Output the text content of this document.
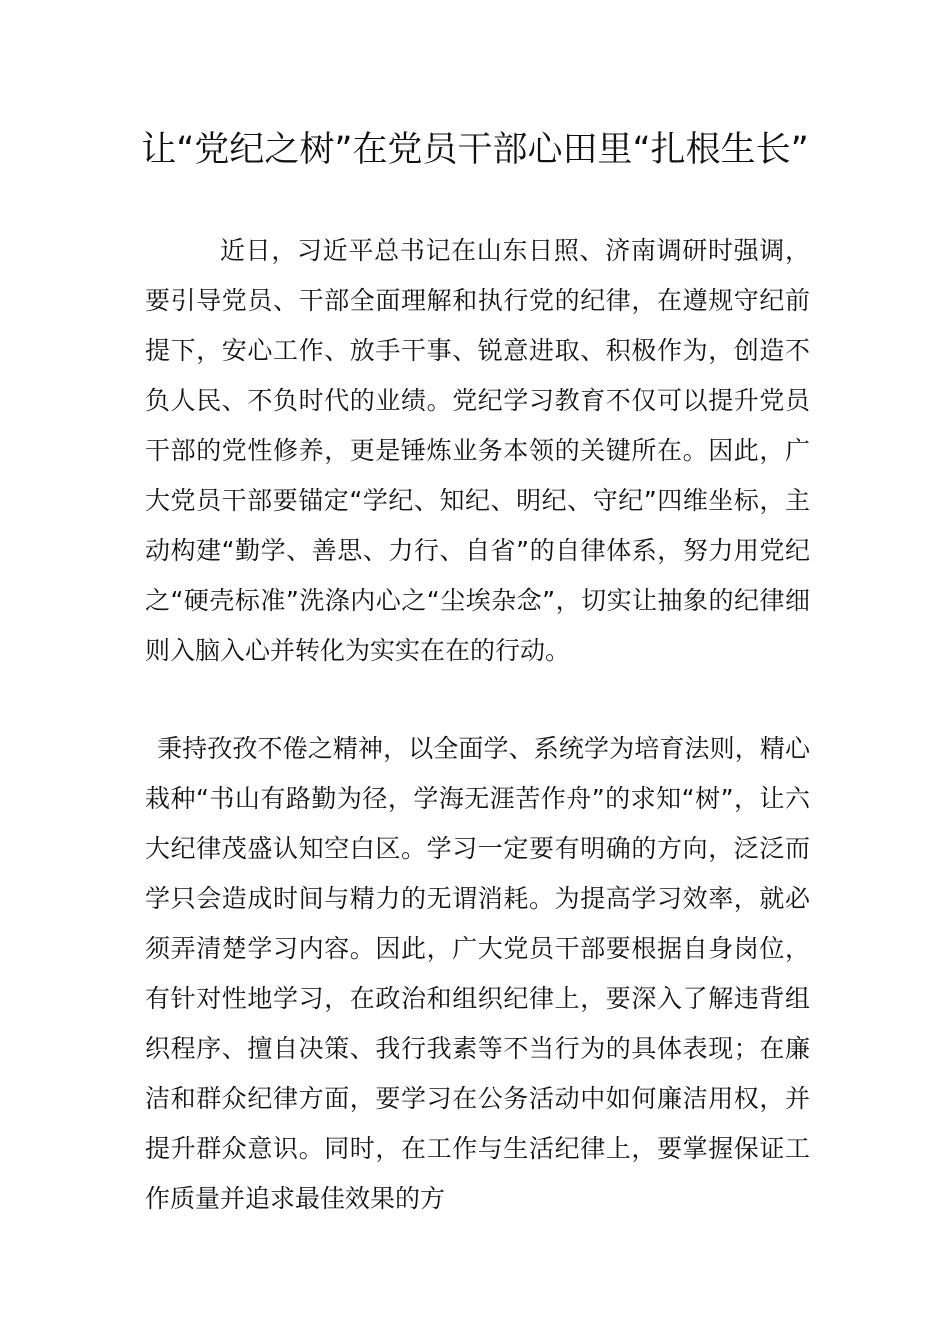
让“党纪之树”在党员干部心田里“扎根生长”

近日，习近平总书记在山东日照、济南调研时强调，要引导党员、干部全面理解和执行党的纪律，在遵规守纪前提下，安心工作、放手干事、锐意进取、积极作为，创造不负人民、不负时代的业绩。党纪学习教育不仅可以提升党员干部的党性修养，更是锤炼业务本领的关键所在。因此，广大党员干部要锚定“学纪、知纪、明纪、守纪”四维坐标，主动构建“勤学、善思、力行、自省”的自律体系，努力用党纪之“硬壳标准”洗涤内心之“尘埃杂念”，切实让抽象的纪律细则入脑入心并转化为实实在在的行动。

秉持孜孜不倦之精神，以全面学、系统学为培育法则，精心栽种“书山有路勤为径，学海无涯苦作舟”的求知“树”，让六大纪律茂盛认知空白区。学习一定要有明确的方向，泛泛而学只会造成时间与精力的无谓消耗。为提高学习效率，就必须弄清楚学习内容。因此，广大党员干部要根据自身岗位，有针对性地学习，在政治和组织纪律上，要深入了解违背组织程序、擅自决策、我行我素等不当行为的具体表现；在廉洁和群众纪律方面，要学习在公务活动中如何廉洁用权，并提升群众意识。同时，在工作与生活纪律上，要掌握保证工作质量并追求最佳效果的方
